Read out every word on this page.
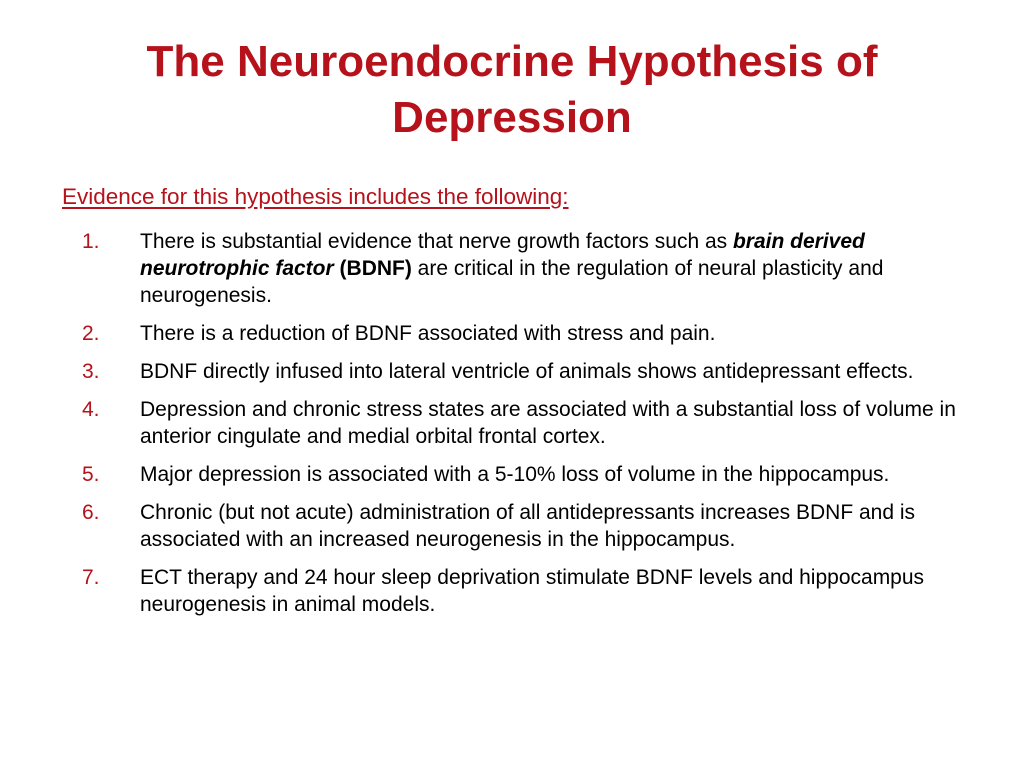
The Neuroendocrine Hypothesis of Depression
Evidence for this hypothesis includes the following:
1.	There is substantial evidence that nerve growth factors such as brain derived neurotrophic factor (BDNF) are critical in the regulation of neural plasticity and neurogenesis.
2.	There is a reduction of BDNF associated with stress and pain.
3.	BDNF directly infused into lateral ventricle of animals shows antidepressant effects.
4.	Depression and chronic stress states are associated with a substantial loss of volume in anterior cingulate and medial orbital frontal cortex.
5.	Major depression is associated with a 5-10% loss of volume in the hippocampus.
6.	Chronic (but not acute) administration of all antidepressants increases BDNF and is associated with an increased neurogenesis in the hippocampus.
7.	ECT therapy and 24 hour sleep deprivation stimulate BDNF levels and hippocampus neurogenesis in animal models.
